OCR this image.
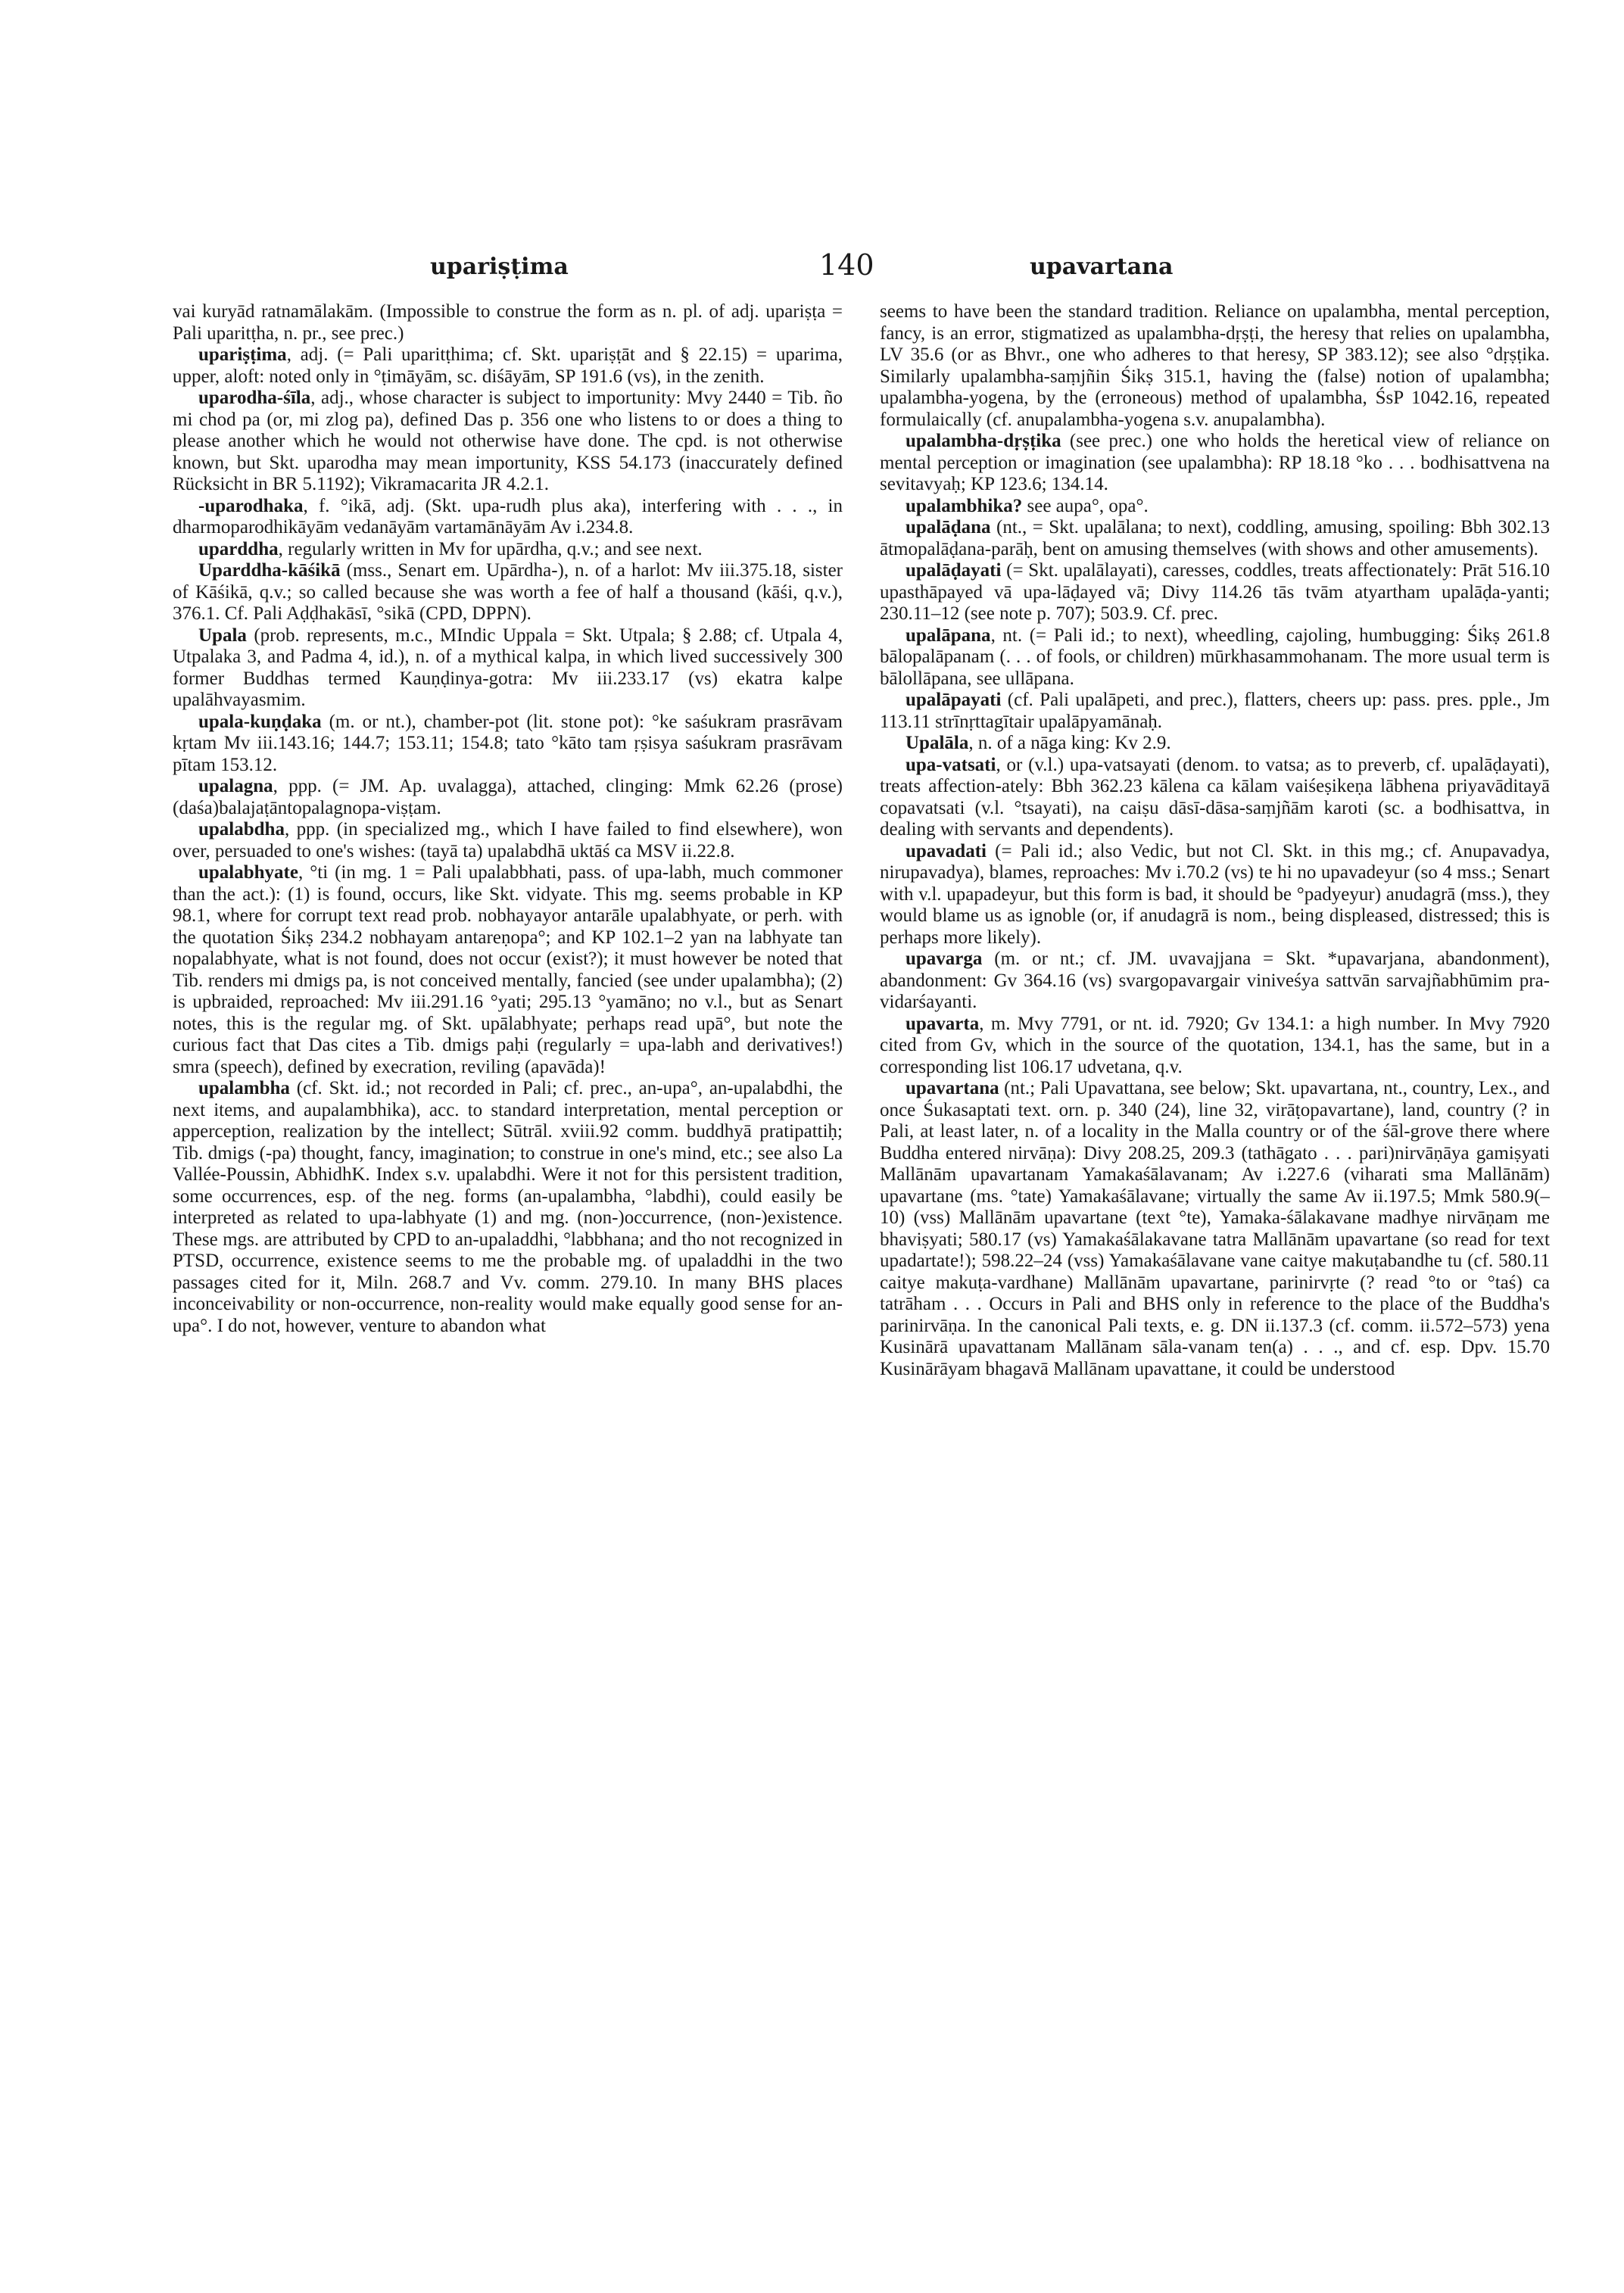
upariṣṭima	140	upavartana

vai kuryād ratnamālakām. (Impossible to construe the form as n. pl. of adj. upariṣṭa = Pali uparitṭha, n. pr., see prec.)

upariṣṭima, adj. (= Pali uparitṭhima; cf. Skt. upariṣṭāt and § 22.15) = uparima, upper, aloft: noted only in °ṭimāyām, sc. diśāyām, SP 191.6 (vs), in the zenith.

uparodha-śīla, adj., whose character is subject to importunity: Mvy 2440 = Tib. ño mi chod pa (or, mi zlog pa), defined Das p. 356 one who listens to or does a thing to please another which he would not otherwise have done. The cpd. is not otherwise known, but Skt. uparodha may mean importunity, KSS 54.173 (inaccurately defined Rücksicht in BR 5.1192); Vikramacarita JR 4.2.1.

-uparodhaka, f. °ikā, adj. (Skt. upa-rudh plus aka), interfering with . . ., in dharmoparodhikāyām vedanāyām vartamānāyām Av i.234.8.

uparddha, regularly written in Mv for upārdha, q.v.; and see next.

Uparddha-kāśikā (mss., Senart em. Upārdha-), n. of a harlot: Mv iii.375.18, sister of Kāśikā, q.v.; so called because she was worth a fee of half a thousand (kāśi, q.v.), 376.1. Cf. Pali Aḍḍhakāsī, °sikā (CPD, DPPN).

Upala (prob. represents, m.c., MIndic Uppala = Skt. Utpala; § 2.88; cf. Utpala 4, Utpalaka 3, and Padma 4, id.), n. of a mythical kalpa, in which lived successively 300 former Buddhas termed Kauṇḍinya-gotra: Mv iii.233.17 (vs) ekatra kalpe upalāhvayasmim.

upala-kuṇḍaka (m. or nt.), chamber-pot (lit. stone pot): °ke saśukram prasrāvam kṛtam Mv iii.143.16; 144.7; 153.11; 154.8; tato °kāto tam ṛṣisya saśukram prasrāvam pītam 153.12.

upalagna, ppp. (= JM. Ap. uvalagga), attached, clinging: Mmk 62.26 (prose) (daśa)balajaṭāntopalagnopa-viṣṭam.

upalabdha, ppp. (in specialized mg., which I have failed to find elsewhere), won over, persuaded to one's wishes: (tayā ta) upalabdhā uktāś ca MSV ii.22.8.

upalabhyate, °ti (in mg. 1 = Pali upalabbhati, pass. of upa-labh, much commoner than the act.): (1) is found, occurs, like Skt. vidyate. This mg. seems probable in KP 98.1, where for corrupt text read prob. nobhayayor antarāle upalabhyate, or perh. with the quotation Śikṣ 234.2 nobhayam antareṇopa°; and KP 102.1–2 yan na labhyate tan nopalabhyate, what is not found, does not occur (exist?); it must however be noted that Tib. renders mi dmigs pa, is not conceived mentally, fancied (see under upalambha); (2) is upbraided, reproached: Mv iii.291.16 °yati; 295.13 °yamāno; no v.l., but as Senart notes, this is the regular mg. of Skt. upālabhyate; perhaps read upā°, but note the curious fact that Das cites a Tib. dmigs paḥi (regularly = upa-labh and derivatives!) smra (speech), defined by execration, reviling (apavāda)!

upalambha (cf. Skt. id.; not recorded in Pali; cf. prec., an-upa°, an-upalabdhi, the next items, and aupalambhika), acc. to standard interpretation, mental perception or apperception, realization by the intellect; Sūtrāl. xviii.92 comm. buddhyā pratipattiḥ; Tib. dmigs (-pa) thought, fancy, imagination; to construe in one's mind, etc.; see also La Vallée-Poussin, AbhidhK. Index s.v. upalabdhi. Were it not for this persistent tradition, some occurrences, esp. of the neg. forms (an-upalambha, °labdhi), could easily be interpreted as related to upa-labhyate (1) and mg. (non-)occurrence, (non-)existence. These mgs. are attributed by CPD to an-upaladdhi, °labbhana; and tho not recognized in PTSD, occurrence, existence seems to me the probable mg. of upaladdhi in the two passages cited for it, Miln. 268.7 and Vv. comm. 279.10. In many BHS places inconceivability or non-occurrence, non-reality would make equally good sense for an-upa°. I do not, however, venture to abandon what

seems to have been the standard tradition. Reliance on upalambha, mental perception, fancy, is an error, stigmatized as upalambha-dṛṣṭi, the heresy that relies on upalambha, LV 35.6 (or as Bhvr., one who adheres to that heresy, SP 383.12); see also °dṛṣṭika. Similarly upalambha-saṃjñin Śikṣ 315.1, having the (false) notion of upalambha; upalambha-yogena, by the (erroneous) method of upalambha, ŚsP 1042.16, repeated formulaically (cf. anupalambha-yogena s.v. anupalambha).

upalambha-dṛṣṭika (see prec.) one who holds the heretical view of reliance on mental perception or imagination (see upalambha): RP 18.18 °ko . . . bodhisattvena na sevitavyaḥ; KP 123.6; 134.14.

upalambhika? see aupa°, opa°.

upalāḍana (nt., = Skt. upalālana; to next), coddling, amusing, spoiling: Bbh 302.13 ātmopalāḍana-parāḥ, bent on amusing themselves (with shows and other amusements).

upalāḍayati (= Skt. upalālayati), caresses, coddles, treats affectionately: Prāt 516.10 upasthāpayed vā upa-lāḍayed vā; Divy 114.26 tās tvām atyartham upalāḍa-yanti; 230.11–12 (see note p. 707); 503.9. Cf. prec.

upalāpana, nt. (= Pali id.; to next), wheedling, cajoling, humbugging: Śikṣ 261.8 bālopalāpanam (. . . of fools, or children) mūrkhasammohanam. The more usual term is bālollāpana, see ullāpana.

upalāpayati (cf. Pali upalāpeti, and prec.), flatters, cheers up: pass. pres. pple., Jm 113.11 strīnṛttagītair upalāpyamānaḥ.

Upalāla, n. of a nāga king: Kv 2.9.

upa-vatsati, or (v.l.) upa-vatsayati (denom. to vatsa; as to preverb, cf. upalāḍayati), treats affection-ately: Bbh 362.23 kālena ca kālam vaiśeṣikeṇa lābhena priyavāditayā copavatsati (v.l. °tsayati), na caiṣu dāsī-dāsa-saṃjñām karoti (sc. a bodhisattva, in dealing with servants and dependents).

upavadati (= Pali id.; also Vedic, but not Cl. Skt. in this mg.; cf. Anupavadya, nirupavadya), blames, reproaches: Mv i.70.2 (vs) te hi no upavadeyur (so 4 mss.; Senart with v.l. upapadeyur, but this form is bad, it should be °padyeyur) anudagrā (mss.), they would blame us as ignoble (or, if anudagrā is nom., being displeased, distressed; this is perhaps more likely).

upavarga (m. or nt.; cf. JM. uvavajjana = Skt. *upavarjana, abandonment), abandonment: Gv 364.16 (vs) svargopavargair viniveśya sattvān sarvajñabhūmim pra-vidarśayanti.

upavarta, m. Mvy 7791, or nt. id. 7920; Gv 134.1: a high number. In Mvy 7920 cited from Gv, which in the source of the quotation, 134.1, has the same, but in a corresponding list 106.17 udvetana, q.v.

upavartana (nt.; Pali Upavattana, see below; Skt. upavartana, nt., country, Lex., and once Śukasaptati text. orn. p. 340 (24), line 32, virāṭopavartane), land, country (? in Pali, at least later, n. of a locality in the Malla country or of the śāl-grove there where Buddha entered nirvāṇa): Divy 208.25, 209.3 (tathāgato . . . pari)nirvāṇāya gamiṣyati Mallānām upavartanam Yamakaśālavanam; Av i.227.6 (viharati sma Mallānām) upavartane (ms. °tate) Yamakaśālavane; virtually the same Av ii.197.5; Mmk 580.9(–10) (vss) Mallānām upavartane (text °te), Yamaka-śālakavane madhye nirvāṇam me bhaviṣyati; 580.17 (vs) Yamakaśālakavane tatra Mallānām upavartane (so read for text upadartate!); 598.22–24 (vss) Yamakaśālavane vane caitye makuṭabandhe tu (cf. 580.11 caitye makuṭa-vardhane) Mallānām upavartane, parinirvṛte (? read °to or °taś) ca tatrāham . . . Occurs in Pali and BHS only in reference to the place of the Buddha's parinirvāṇa. In the canonical Pali texts, e. g. DN ii.137.3 (cf. comm. ii.572–573) yena Kusinārā upavattanam Mallānam sāla-vanam ten(a) . . ., and cf. esp. Dpv. 15.70 Kusinārāyam bhagavā Mallānam upavattane, it could be understood
